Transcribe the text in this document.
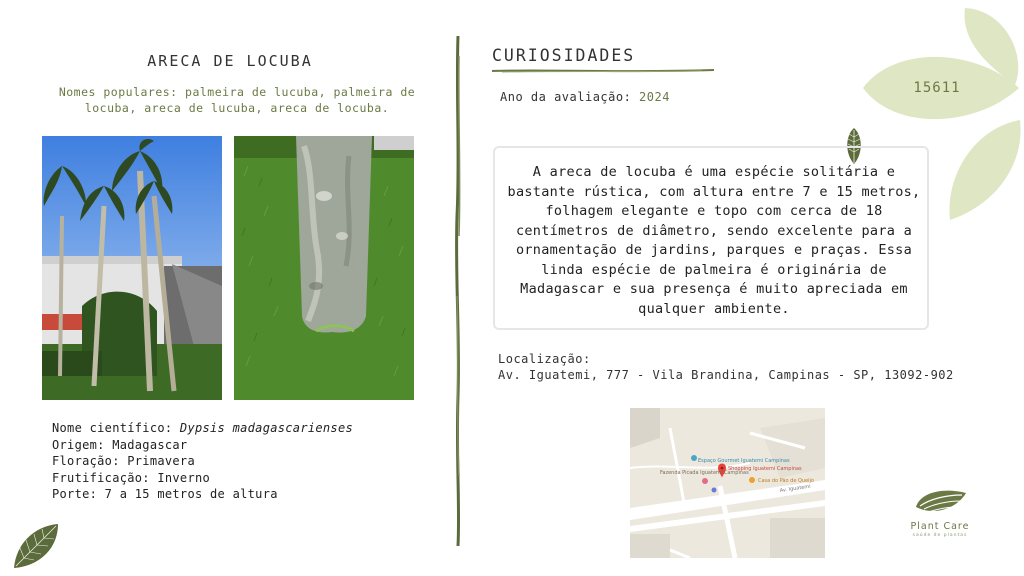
15611
ARECA DE LOCUBA
Nomes populares: palmeira de lucuba, palmeira de locuba, areca de lucuba, areca de locuba.
Nome científico: Dypsis madagascarienses
Origem: Madagascar
Floração: Primavera
Frutificação: Inverno
Porte: 7 a 15 metros de altura
CURIOSIDADES
Ano da avaliação: 2024
A areca de locuba é uma espécie solitária e bastante rústica, com altura entre 7 e 15 metros, folhagem elegante e topo com cerca de 18 centímetros de diâmetro, sendo excelente para a ornamentação de jardins, parques e praças. Essa linda espécie de palmeira é originária de Madagascar e sua presença é muito apreciada em qualquer ambiente.
Localização:
Av. Iguatemi, 777 - Vila Brandina, Campinas - SP, 13092-902
Fazenda Picada Iguatemi Campinas
Shopping Iguatemi Campinas
Espaço Gourmet Iguatemi Campinas
Casa do Pão de Queijo
Av. Iguatemi
Plant Care
saúde de plantas
